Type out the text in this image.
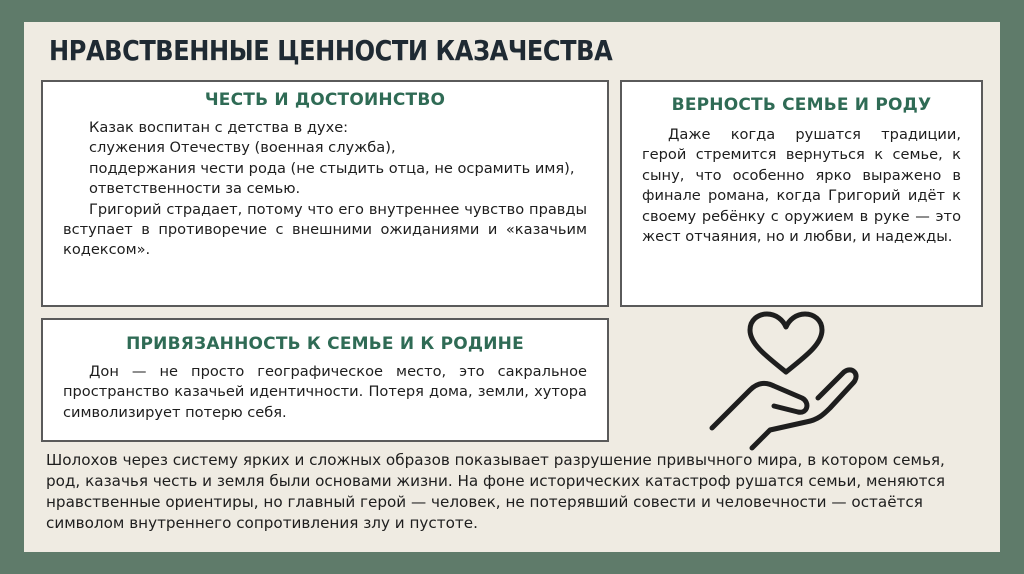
НРАВСТВЕННЫЕ ЦЕННОСТИ КАЗАЧЕСТВА
ЧЕСТЬ И ДОСТОИНСТВО

Казак воспитан с детства в духе:

служения Отечеству (военная служба),

поддержания чести рода (не стыдить отца, не осрамить имя),

ответственности за семью.

Григорий страдает, потому что его внутреннее чувство правды вступает в противоречие с внешними ожиданиями и «казачьим кодексом».

ВЕРНОСТЬ СЕМЬЕ И РОДУ

Даже когда рушатся традиции, герой стремится вернуться к семье, к сыну, что особенно ярко выражено в финале романа, когда Григорий идёт к своему ребёнку с оружием в руке — это жест отчаяния, но и любви, и надежды.

ПРИВЯЗАННОСТЬ К СЕМЬЕ И К РОДИНЕ

Дон — не просто географическое место, это сакральное пространство казачьей идентичности. Потеря дома, земли, хутора символизирует потерю себя.

Шолохов через систему ярких и сложных образов показывает разрушение привычного мира, в котором семья, род, казачья честь и земля были основами жизни. На фоне исторических катастроф рушатся семьи, меняются нравственные ориентиры, но главный герой — человек, не потерявший совести и человечности — остаётся символом внутреннего сопротивления злу и пустоте.
